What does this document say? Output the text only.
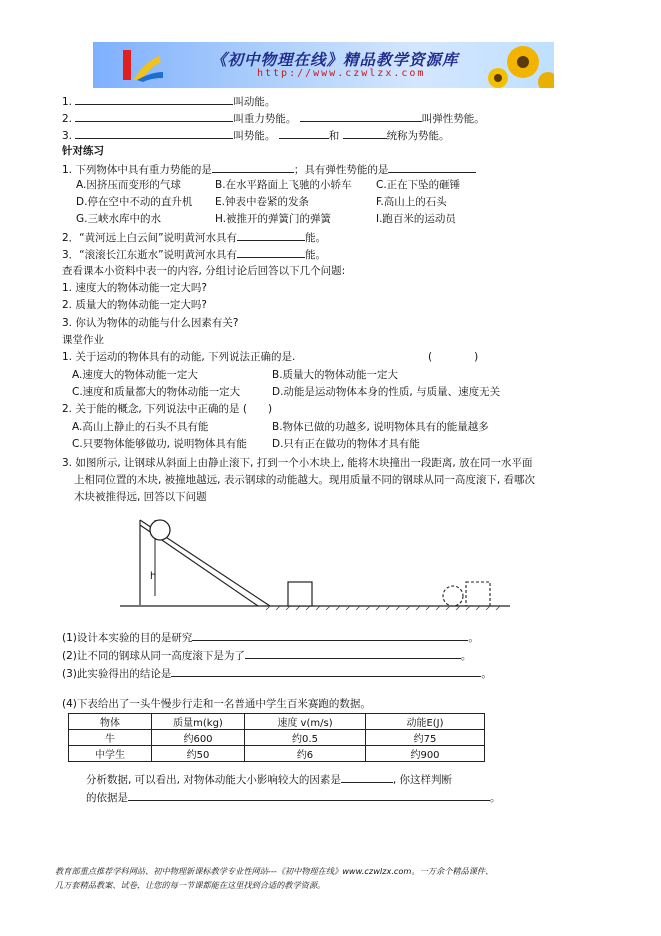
《初中物理在线》精品教学资源库
http://www.czwlzx.com
1.	叫动能。
2.	叫重力势能。	叫弹性势能。
3.	叫势能。	和	统称为势能。
针对练习
1. 下列物体中具有重力势能的是	；具有弹性势能的是
A.因挤压而变形的气球	B.在水平路面上飞驰的小轿车 C.正在下坠的砸锤
D.停在空中不动的直升机 E.钟表中卷紧的发条	F.高山上的石头
G.三峡水库中的水	H.被推开的弹簧门的弹簧	I.跑百米的运动员
2．“黄河远上白云间”说明黄河水具有	能。
3．“滚滚长江东逝水”说明黄河水具有	能。
查看课本小资料中表一的内容, 分组讨论后回答以下几个问题:
1. 速度大的物体动能一定大吗?
2. 质量大的物体动能一定大吗?
3. 你认为物体的动能与什么因素有关?
课堂作业
1. 关于运动的物体具有的动能, 下列说法正确的是.	(　　　　)
A.速度大的物体动能一定大	B.质量大的物体动能一定大
C.速度和质量都大的物体动能一定大	D.动能是运动物体本身的性质, 与质量、速度无关
2. 关于能的概念, 下列说法中正确的是 (　　)
A.高山上静止的石头不具有能	B.物体已做的功越多, 说明物体具有的能量越多
C.只要物体能够做功, 说明物体具有能 D.只有正在做功的物体才具有能
3. 如图所示, 让钢球从斜面上由静止滚下, 打到一个小木块上, 能将木块撞出一段距离, 放在同一水平面
上相同位置的木块, 被撞地越远, 表示钢球的动能越大。现用质量不同的钢球从同一高度滚下, 看哪次
木块被推得远, 回答以下问题
h
(1)设计本实验的目的是研究	。
(2)让不同的钢球从同一高度滚下是为了	。
(3)此实验得出的结论是	。
(4)下表给出了一头牛慢步行走和一名普通中学生百米赛跑的数据。
物体	质量m(kg)	速度 v(m/s)	动能E(J)
牛	约600	约0.5	约75
中学生	约50	约6	约900
分析数据, 可以看出, 对物体动能大小影响较大的因素是	, 你这样判断
的依据是	。
教育部重点推荐学科网站、初中物理新课标教学专业性网站---《初中物理在线》www.czwlzx.com。一万余个精品课件、
几万套精品教案、试卷，让您的每一节课都能在这里找到合适的教学资源。
